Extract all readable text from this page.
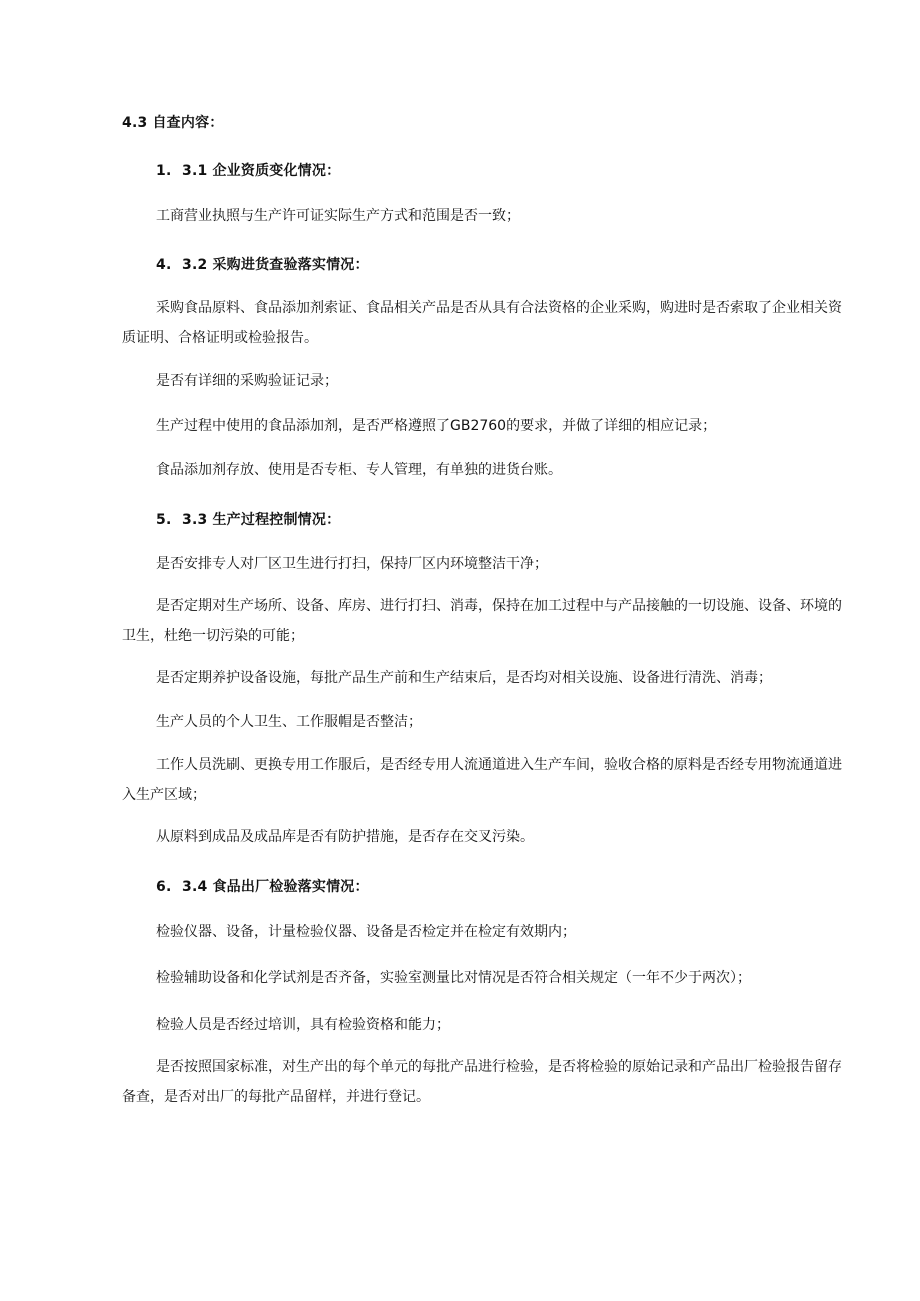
4.3 自查内容：
1. 3.1 企业资质变化情况：
工商营业执照与生产许可证实际生产方式和范围是否一致；
4. 3.2 采购进货查验落实情况：
采购食品原料、食品添加剂索证、食品相关产品是否从具有合法资格的企业采购，购进时是否索取了企业相关资质证明、合格证明或检验报告。
是否有详细的采购验证记录；
生产过程中使用的食品添加剂，是否严格遵照了GB2760的要求，并做了详细的相应记录；
食品添加剂存放、使用是否专柜、专人管理，有单独的进货台账。
5. 3.3 生产过程控制情况：
是否安排专人对厂区卫生进行打扫，保持厂区内环境整洁干净；
是否定期对生产场所、设备、库房、进行打扫、消毒，保持在加工过程中与产品接触的一切设施、设备、环境的卫生，杜绝一切污染的可能；
是否定期养护设备设施，每批产品生产前和生产结束后，是否均对相关设施、设备进行清洗、消毒；
生产人员的个人卫生、工作服帽是否整洁；
工作人员洗刷、更换专用工作服后，是否经专用人流通道进入生产车间，验收合格的原料是否经专用物流通道进入生产区域；
从原料到成品及成品库是否有防护措施，是否存在交叉污染。
6. 3.4 食品出厂检验落实情况：
检验仪器、设备，计量检验仪器、设备是否检定并在检定有效期内；
检验辅助设备和化学试剂是否齐备，实验室测量比对情况是否符合相关规定（一年不少于两次）；
检验人员是否经过培训，具有检验资格和能力；
是否按照国家标准，对生产出的每个单元的每批产品进行检验，是否将检验的原始记录和产品出厂检验报告留存备查，是否对出厂的每批产品留样，并进行登记。
